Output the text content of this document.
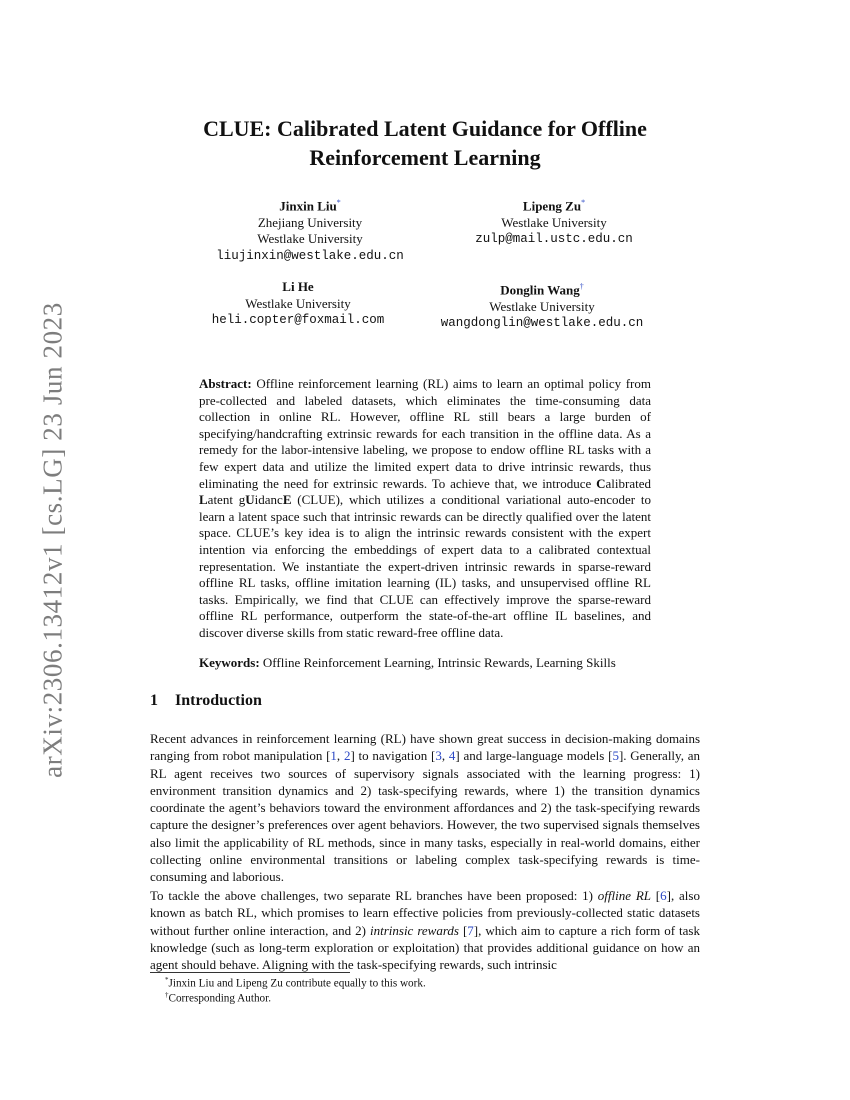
arXiv:2306.13412v1 [cs.LG] 23 Jun 2023
CLUE: Calibrated Latent Guidance for Offline
Reinforcement Learning
Jinxin Liu*
Zhejiang University
Westlake University
liujinxin@westlake.edu.cn
Lipeng Zu*
Westlake University
zulp@mail.ustc.edu.cn
Li He
Westlake University
heli.copter@foxmail.com
Donglin Wang†
Westlake University
wangdonglin@westlake.edu.cn
Abstract: Offline reinforcement learning (RL) aims to learn an optimal policy from pre-collected and labeled datasets, which eliminates the time-consuming data collection in online RL. However, offline RL still bears a large burden of specifying/handcrafting extrinsic rewards for each transition in the offline data. As a remedy for the labor-intensive labeling, we propose to endow offline RL tasks with a few expert data and utilize the limited expert data to drive intrinsic rewards, thus eliminating the need for extrinsic rewards. To achieve that, we introduce Calibrated Latent gUidancE (CLUE), which utilizes a conditional variational auto-encoder to learn a latent space such that intrinsic rewards can be directly qualified over the latent space. CLUE’s key idea is to align the intrinsic rewards consistent with the expert intention via enforcing the embeddings of expert data to a calibrated contextual representation. We instantiate the expert-driven intrinsic rewards in sparse-reward offline RL tasks, offline imitation learning (IL) tasks, and unsupervised offline RL tasks. Empirically, we find that CLUE can effectively improve the sparse-reward offline RL performance, outperform the state-of-the-art offline IL baselines, and discover diverse skills from static reward-free offline data.
Keywords: Offline Reinforcement Learning, Intrinsic Rewards, Learning Skills
1 Introduction
Recent advances in reinforcement learning (RL) have shown great success in decision-making domains ranging from robot manipulation [1, 2] to navigation [3, 4] and large-language models [5]. Generally, an RL agent receives two sources of supervisory signals associated with the learning progress: 1) environment transition dynamics and 2) task-specifying rewards, where 1) the transition dynamics coordinate the agent’s behaviors toward the environment affordances and 2) the task-specifying rewards capture the designer’s preferences over agent behaviors. However, the two supervised signals themselves also limit the applicability of RL methods, since in many tasks, especially in real-world domains, either collecting online environmental transitions or labeling complex task-specifying rewards is time-consuming and laborious.
To tackle the above challenges, two separate RL branches have been proposed: 1) offline RL [6], also known as batch RL, which promises to learn effective policies from previously-collected static datasets without further online interaction, and 2) intrinsic rewards [7], which aim to capture a rich form of task knowledge (such as long-term exploration or exploitation) that provides additional guidance on how an agent should behave. Aligning with the task-specifying rewards, such intrinsic
*Jinxin Liu and Lipeng Zu contribute equally to this work.
†Corresponding Author.
